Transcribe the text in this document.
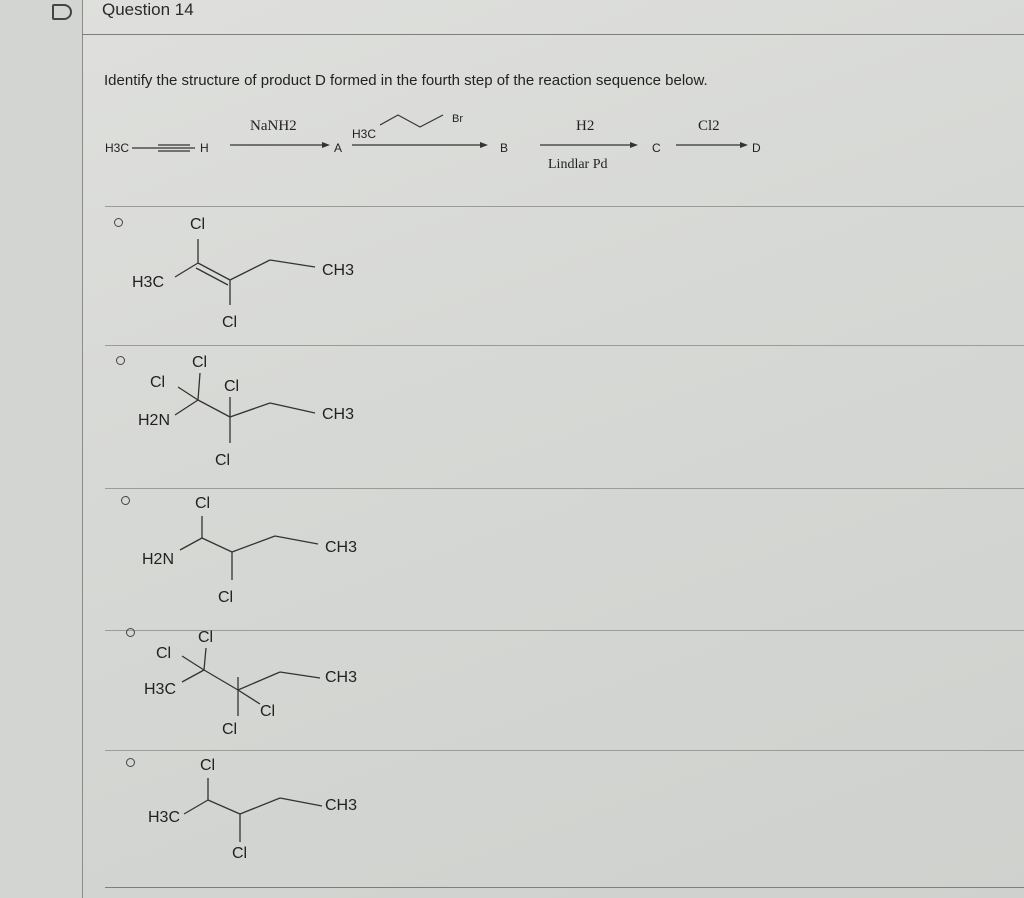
Question 14
Identify the structure of product D formed in the fourth step of the reaction sequence below.
H3C	H
NaNH2
A
H3C
Br
B
H2
Lindlar Pd
C
Cl2
D
Cl
H3C
CH3
Cl
Cl
Cl	Cl
H2N	CH3
Cl
Cl
H2N
CH3
Cl
Cl
Cl
H3C
CH3
Cl
Cl
Cl
H3C
CH3
Cl
